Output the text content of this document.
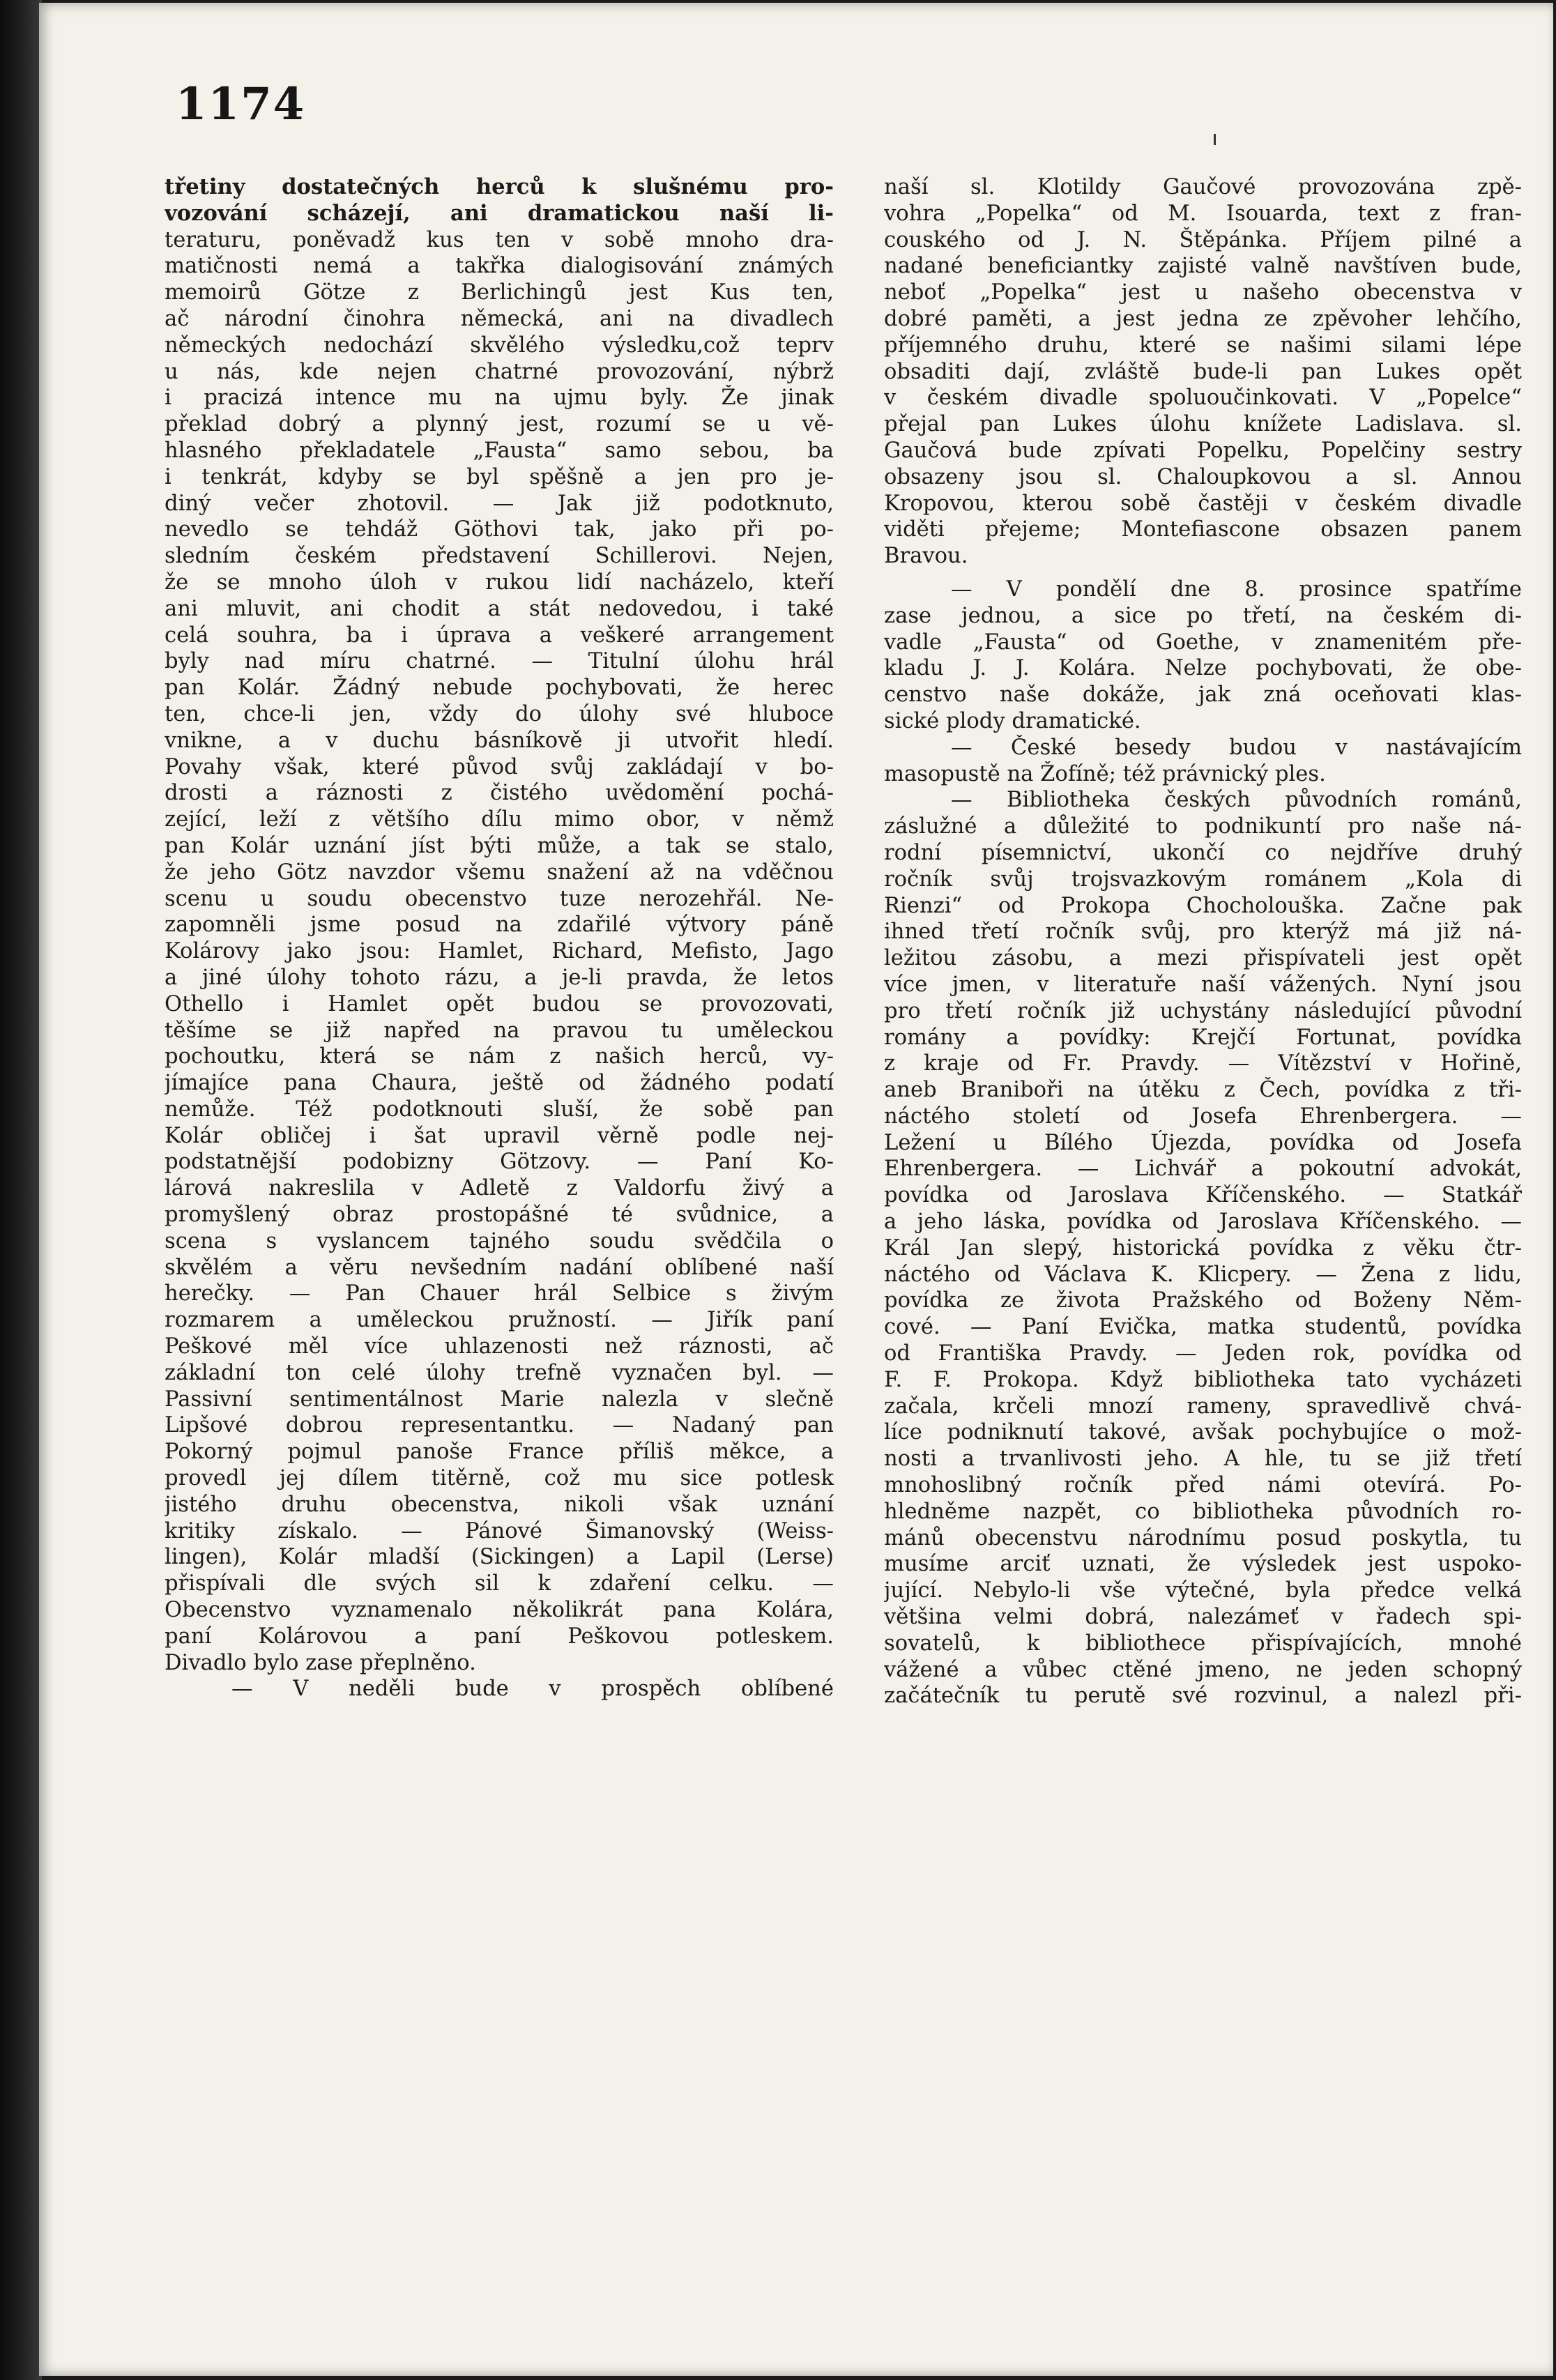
1174
třetiny dostatečných herců k slušnému pro-
vozování scházejí, ani dramatickou naší li-
teraturu, poněvadž kus ten v sobě mnoho dra-
matičnosti nemá a takřka dialogisování známých
memoirů Götze z Berlichingů jest Kus ten,
ač národní činohra německá, ani na divadlech
německých nedochází skvělého výsledku,což teprv
u nás, kde nejen chatrné provozování, nýbrž
i pracizá intence mu na ujmu byly. Že jinak
překlad dobrý a plynný jest, rozumí se u vě-
hlasného překladatele „Fausta“ samo sebou, ba
i tenkrát, kdyby se byl spěšně a jen pro je-
diný večer zhotovil. — Jak již podotknuto,
nevedlo se tehdáž Göthovi tak, jako při po-
sledním českém představení Schillerovi. Nejen,
že se mnoho úloh v rukou lidí nacházelo, kteří
ani mluvit, ani chodit a stát nedovedou, i také
celá souhra, ba i úprava a veškeré arrangement
byly nad míru chatrné. — Titulní úlohu hrál
pan Kolár. Žádný nebude pochybovati, že herec
ten, chce-li jen, vždy do úlohy své hluboce
vnikne, a v duchu básníkově ji utvořit hledí.
Povahy však, které původ svůj zakládají v bo-
drosti a ráznosti z čistého uvědomění pochá-
zející, leží z většího dílu mimo obor, v němž
pan Kolár uznání jíst býti může, a tak se stalo,
že jeho Götz navzdor všemu snažení až na vděčnou
scenu u soudu obecenstvo tuze nerozehřál. Ne-
zapomněli jsme posud na zdařilé výtvory páně
Kolárovy jako jsou: Hamlet, Richard, Mefisto, Jago
a jiné úlohy tohoto rázu, a je-li pravda, že letos
Othello i Hamlet opět budou se provozovati,
těšíme se již napřed na pravou tu uměleckou
pochoutku, která se nám z našich herců, vy-
jímajíce pana Chaura, ještě od žádného podatí
nemůže. Též podotknouti sluší, že sobě pan
Kolár obličej i šat upravil věrně podle nej-
podstatnější podobizny Götzovy. — Paní Ko-
lárová nakreslila v Adletě z Valdorfu živý a
promyšlený obraz prostopášné té svůdnice, a
scena s vyslancem tajného soudu svědčila o
skvělém a věru nevšedním nadání oblíbené naší
herečky. — Pan Chauer hrál Selbice s živým
rozmarem a uměleckou pružností. — Jiřík paní
Peškové měl více uhlazenosti než ráznosti, ač
základní ton celé úlohy trefně vyznačen byl. —
Passivní sentimentálnost Marie nalezla v slečně
Lipšové dobrou representantku. — Nadaný pan
Pokorný pojmul panoše Francе příliš měkce, a
provedl jej dílem titěrně, což mu sice potlesk
jistého druhu obecenstva, nikoli však uznání
kritiky získalo. — Pánové Šimanovský (Weiss-
lingen), Kolár mladší (Sickingen) a Lapil (Lerse)
přispívali dle svých sil k zdaření celku. —
Obecenstvo vyznamenalo několikrát pana Kolára,
paní Kolárovou a paní Peškovou potleskem.
Divadlo bylo zase přeplněno.
— V neděli bude v prospěch oblíbené
naší sl. Klotildy Gaučové provozována zpě-
vohra „Popelka“ od M. Isouarda, text z fran-
couského od J. N. Štěpánka. Příjem pilné a
nadané beneficiantky zajisté valně navštíven bude,
neboť „Popelka“ jest u našeho obecenstva v
dobré paměti, a jest jedna ze zpěvoher lehčího,
příjemného druhu, které se našimi silami lépe
obsaditi dají, zvláště bude-li pan Lukes opět
v českém divadle spoluоučinkovati. V „Popelce“
přejal pan Lukes úlohu knížete Ladislava. sl.
Gaučová bude zpívati Popelku, Popelčiny sestry
obsazeny jsou sl. Chaloupkovou a sl. Annou
Kropovou, kterou sobě častěji v českém divadle
viděti přejeme; Montefiascone obsazen panem
Bravou.
— V pondělí dne 8. prosince spatříme
zase jednou, a sice po třetí, na českém di-
vadle „Fausta“ od Goethe, v znamenitém pře-
kladu J. J. Kolára. Nelze pochybovati, že obe-
censtvo naše dokáže, jak zná oceňovati klas-
sické plody dramatické.
— České besedy budou v nastávajícím
masopustě na Žofíně; též právnický ples.
— Bibliotheka českých původních románů,
záslužné a důležité to podnikuntí pro naše ná-
rodní písemnictví, ukončí co nejdříve druhý
ročník svůj trojsvazkovým románem „Kola di
Rienzi“ od Prokopa Chocholouška. Začne pak
ihned třetí ročník svůj, pro kterýž má již ná-
ležitou zásobu, a mezi přispívateli jest opět
více jmen, v literatuře naší vážených. Nyní jsou
pro třetí ročník již uchystány následující původní
romány a povídky: Krejčí Fortunat, povídka
z kraje od Fr. Pravdy. — Vítězství v Hořině,
aneb Braniboři na útěku z Čech, povídka z tři-
náctého století od Josefa Ehrenbergera. —
Ležení u Bílého Újezda, povídka od Josefa
Ehrenbergera. — Lichvář a pokoutní advokát,
povídka od Jaroslava Kříčenského. — Statkář
a jeho láska, povídka od Jaroslava Kříčenského. —
Král Jan slepý, historická povídka z věku čtr-
náctého od Václava K. Klicpery. — Žena z lidu,
povídka ze života Pražského od Boženy Něm-
cové. — Paní Evička, matka studentů, povídka
od Františka Pravdy. — Jeden rok, povídka od
F. F. Prokopa. Když bibliotheka tato vycházeti
začala, krčeli mnozí rameny, spravedlivě chvá-
líce podniknutí takové, avšak pochybujíce o mož-
nosti a trvanlivosti jeho. A hle, tu se již třetí
mnohoslibný ročník před námi otevírá. Po-
hledněme nazpět, co bibliotheka původních ro-
mánů obecenstvu národnímu posud poskytla, tu
musíme arciť uznati, že výsledek jest uspoko-
jující. Nebylo-li vše výtečné, byla předce velká
většina velmi dobrá, nalezámeť v řadech spi-
sovatelů, k bibliothece přispívajících, mnohé
vážené a vůbec ctěné jmeno, ne jeden schopný
začátečník tu perutě své rozvinul, a nalezl při-
